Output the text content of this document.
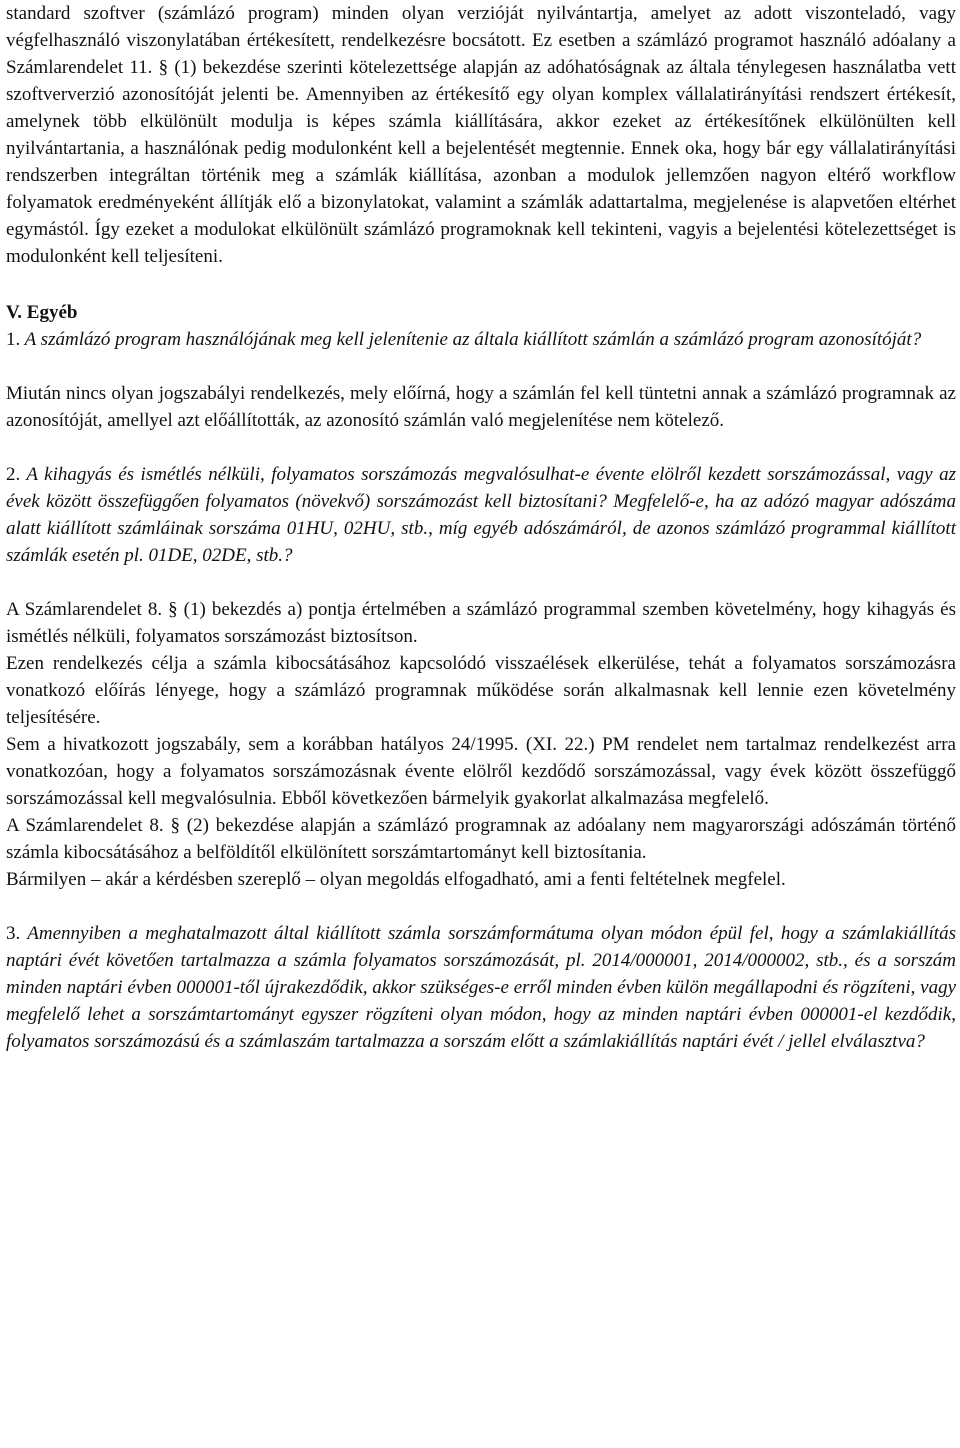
standard szoftver (számlázó program) minden olyan verzióját nyilvántartja, amelyet az adott viszonteladó, vagy végfelhasználó viszonylatában értékesített, rendelkezésre bocsátott. Ez esetben a számlázó programot használó adóalany a Számlarendelet 11. § (1) bekezdése szerinti kötelezettsége alapján az adóhatóságnak az általa ténylegesen használatba vett szoftververzió azonosítóját jelenti be. Amennyiben az értékesítő egy olyan komplex vállalatirányítási rendszert értékesít, amelynek több elkülönült modulja is képes számla kiállítására, akkor ezeket az értékesítőnek elkülönülten kell nyilvántartania, a használónak pedig modulonként kell a bejelentését megtennie. Ennek oka, hogy bár egy vállalatirányítási rendszerben integráltan történik meg a számlák kiállítása, azonban a modulok jellemzően nagyon eltérő workflow folyamatok eredményeként állítják elő a bizonylatokat, valamint a számlák adattartalma, megjelenése is alapvetően eltérhet egymástól. Így ezeket a modulokat elkülönült számlázó programoknak kell tekinteni, vagyis a bejelentési kötelezettséget is modulonként kell teljesíteni.

V. Egyéb

1. A számlázó program használójának meg kell jelenítenie az általa kiállított számlán a számlázó program azonosítóját?

Miután nincs olyan jogszabályi rendelkezés, mely előírná, hogy a számlán fel kell tüntetni annak a számlázó programnak az azonosítóját, amellyel azt előállították, az azonosító számlán való megjelenítése nem kötelező.

2. A kihagyás és ismétlés nélküli, folyamatos sorszámozás megvalósulhat-e évente elölről kezdett sorszámozással, vagy az évek között összefüggően folyamatos (növekvő) sorszámozást kell biztosítani? Megfelelő-e, ha az adózó magyar adószáma alatt kiállított számláinak sorszáma 01HU, 02HU, stb., míg egyéb adószámáról, de azonos számlázó programmal kiállított számlák esetén pl. 01DE, 02DE, stb.?

A Számlarendelet 8. § (1) bekezdés a) pontja értelmében a számlázó programmal szemben követelmény, hogy kihagyás és ismétlés nélküli, folyamatos sorszámozást biztosítson.

Ezen rendelkezés célja a számla kibocsátásához kapcsolódó visszaélések elkerülése, tehát a folyamatos sorszámozásra vonatkozó előírás lényege, hogy a számlázó programnak működése során alkalmasnak kell lennie ezen követelmény teljesítésére.

Sem a hivatkozott jogszabály, sem a korábban hatályos 24/1995. (XI. 22.) PM rendelet nem tartalmaz rendelkezést arra vonatkozóan, hogy a folyamatos sorszámozásnak évente elölről kezdődő sorszámozással, vagy évek között összefüggő sorszámozással kell megvalósulnia. Ebből következően bármelyik gyakorlat alkalmazása megfelelő.

A Számlarendelet 8. § (2) bekezdése alapján a számlázó programnak az adóalany nem magyarországi adószámán történő számla kibocsátásához a belföldítől elkülönített sorszámtartományt kell biztosítania.

Bármilyen – akár a kérdésben szereplő – olyan megoldás elfogadható, ami a fenti feltételnek megfelel.

3. Amennyiben a meghatalmazott által kiállított számla sorszámformátuma olyan módon épül fel, hogy a számlakiállítás naptári évét követően tartalmazza a számla folyamatos sorszámozását, pl. 2014/000001, 2014/000002, stb., és a sorszám minden naptári évben 000001-től újrakezdődik, akkor szükséges-e erről minden évben külön megállapodni és rögzíteni, vagy megfelelő lehet a sorszámtartományt egyszer rögzíteni olyan módon, hogy az minden naptári évben 000001-el kezdődik, folyamatos sorszámozású és a számlaszám tartalmazza a sorszám előtt a számlakiállítás naptári évét / jellel elválasztva?
